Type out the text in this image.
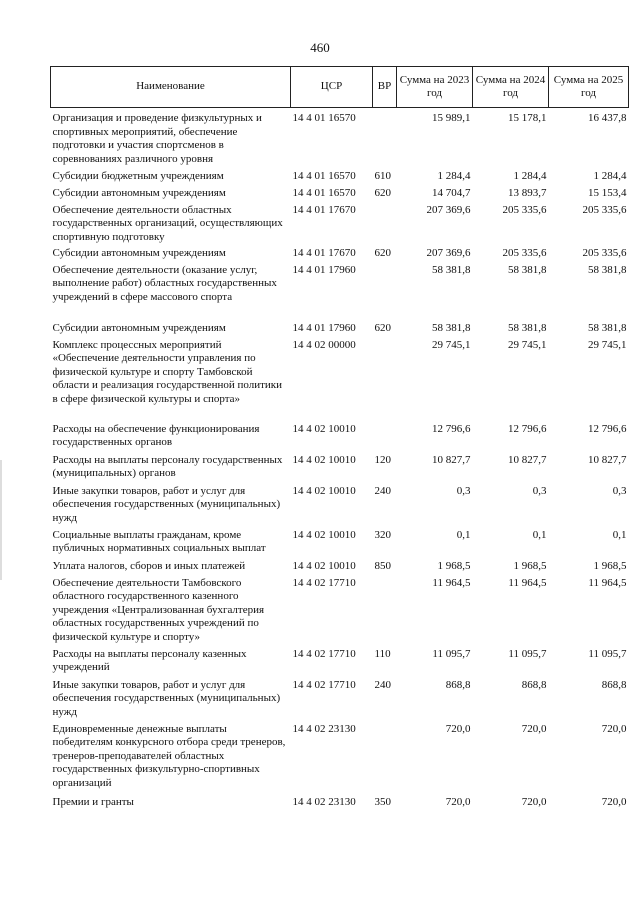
460
Наименование	ЦСР	ВР	Сумма на 2023 год	Сумма на 2024 год	Сумма на 2025 год
Организация и проведение физкультурных и спортивных мероприятий, обеспечение подготовки и участия спортсменов в соревнованиях различного уровня	14 4 01 16570		15 989,1	15 178,1	16 437,8
Субсидии бюджетным учреждениям	14 4 01 16570	610	1 284,4	1 284,4	1 284,4
Субсидии автономным учреждениям	14 4 01 16570	620	14 704,7	13 893,7	15 153,4
Обеспечение деятельности областных государственных организаций, осуществляющих спортивную подготовку	14 4 01 17670		207 369,6	205 335,6	205 335,6
Субсидии автономным учреждениям	14 4 01 17670	620	207 369,6	205 335,6	205 335,6
Обеспечение деятельности (оказание услуг, выполнение работ) областных государственных учреждений в сфере массового спорта	14 4 01 17960		58 381,8	58 381,8	58 381,8
Субсидии автономным учреждениям	14 4 01 17960	620	58 381,8	58 381,8	58 381,8
Комплекс процессных мероприятий «Обеспечение деятельности управления по физической культуре и спорту Тамбовской области и реализация государственной политики в сфере физической культуры и спорта»	14 4 02 00000		29 745,1	29 745,1	29 745,1
Расходы на обеспечение функционирования государственных органов	14 4 02 10010		12 796,6	12 796,6	12 796,6
Расходы на выплаты персоналу государственных (муниципальных) органов	14 4 02 10010	120	10 827,7	10 827,7	10 827,7
Иные закупки товаров, работ и услуг для обеспечения государственных (муниципальных) нужд	14 4 02 10010	240	0,3	0,3	0,3
Социальные выплаты гражданам, кроме публичных нормативных социальных выплат	14 4 02 10010	320	0,1	0,1	0,1
Уплата налогов, сборов и иных платежей	14 4 02 10010	850	1 968,5	1 968,5	1 968,5
Обеспечение деятельности Тамбовского областного государственного казенного учреждения «Централизованная бухгалтерия областных государственных учреждений по физической культуре и спорту»	14 4 02 17710		11 964,5	11 964,5	11 964,5
Расходы на выплаты персоналу казенных учреждений	14 4 02 17710	110	11 095,7	11 095,7	11 095,7
Иные закупки товаров, работ и услуг для обеспечения государственных (муниципальных) нужд	14 4 02 17710	240	868,8	868,8	868,8
Единовременные денежные выплаты победителям конкурсного отбора среди тренеров, тренеров-преподавателей областных государственных физкультурно-спортивных организаций	14 4 02 23130		720,0	720,0	720,0
Премии и гранты	14 4 02 23130	350	720,0	720,0	720,0
